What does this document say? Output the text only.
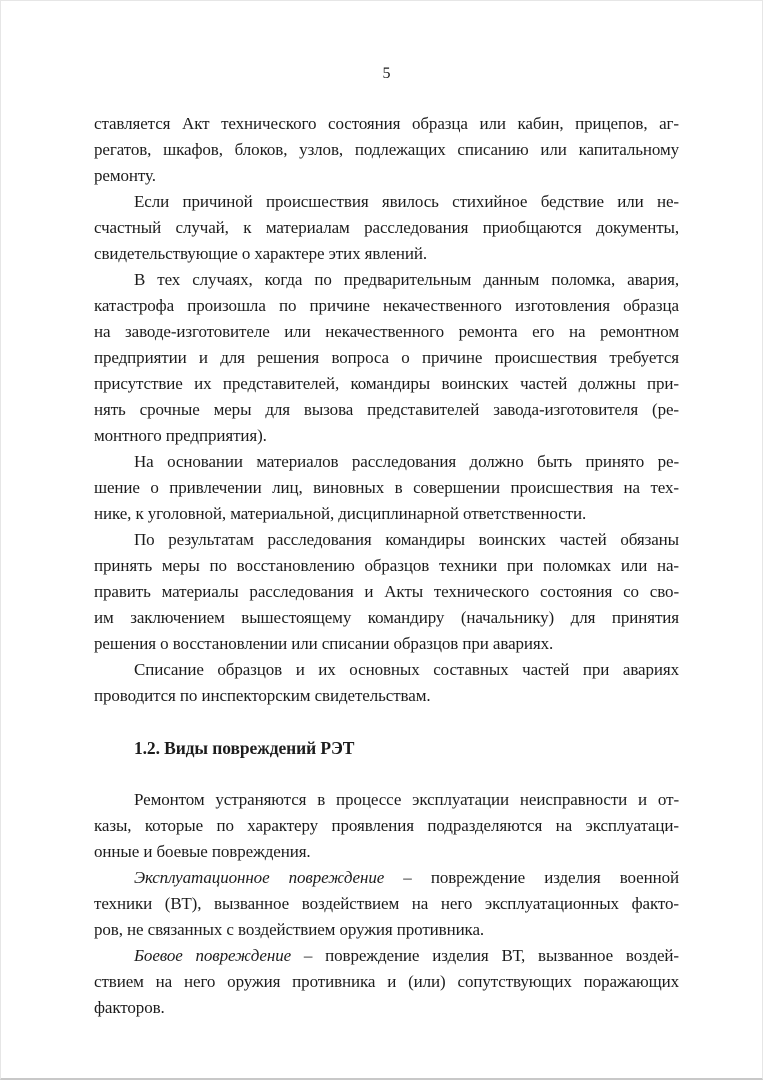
5

ставляется Акт технического состояния образца или кабин, прицепов, аг-
регатов, шкафов, блоков, узлов, подлежащих списанию или капитальному
ремонту.

Если причиной происшествия явилось стихийное бедствие или не-
счастный случай, к материалам расследования приобщаются документы,
свидетельствующие о характере этих явлений.

В тех случаях, когда по предварительным данным поломка, авария,
катастрофа произошла по причине некачественного изготовления образца
на заводе-изготовителе или некачественного ремонта его на ремонтном
предприятии и для решения вопроса о причине происшествия требуется
присутствие их представителей, командиры воинских частей должны при-
нять срочные меры для вызова представителей завода-изготовителя (ре-
монтного предприятия).

На основании материалов расследования должно быть принято ре-
шение о привлечении лиц, виновных в совершении происшествия на тех-
нике, к уголовной, материальной, дисциплинарной ответственности.

По результатам расследования командиры воинских частей обязаны
принять меры по восстановлению образцов техники при поломках или на-
править материалы расследования и Акты технического состояния со сво-
им заключением вышестоящему командиру (начальнику) для принятия
решения о восстановлении или списании образцов при авариях.

Списание образцов и их основных составных частей при авариях
проводится по инспекторским свидетельствам.

1.2. Виды повреждений РЭТ

Ремонтом устраняются в процессе эксплуатации неисправности и от-
казы, которые по характеру проявления подразделяются на эксплуатаци-
онные и боевые повреждения.

Эксплуатационное повреждение – повреждение изделия военной
техники (ВТ), вызванное воздействием на него эксплуатационных факто-
ров, не связанных с воздействием оружия противника.

Боевое повреждение – повреждение изделия ВТ, вызванное воздей-
ствием на него оружия противника и (или) сопутствующих поражающих
факторов.
